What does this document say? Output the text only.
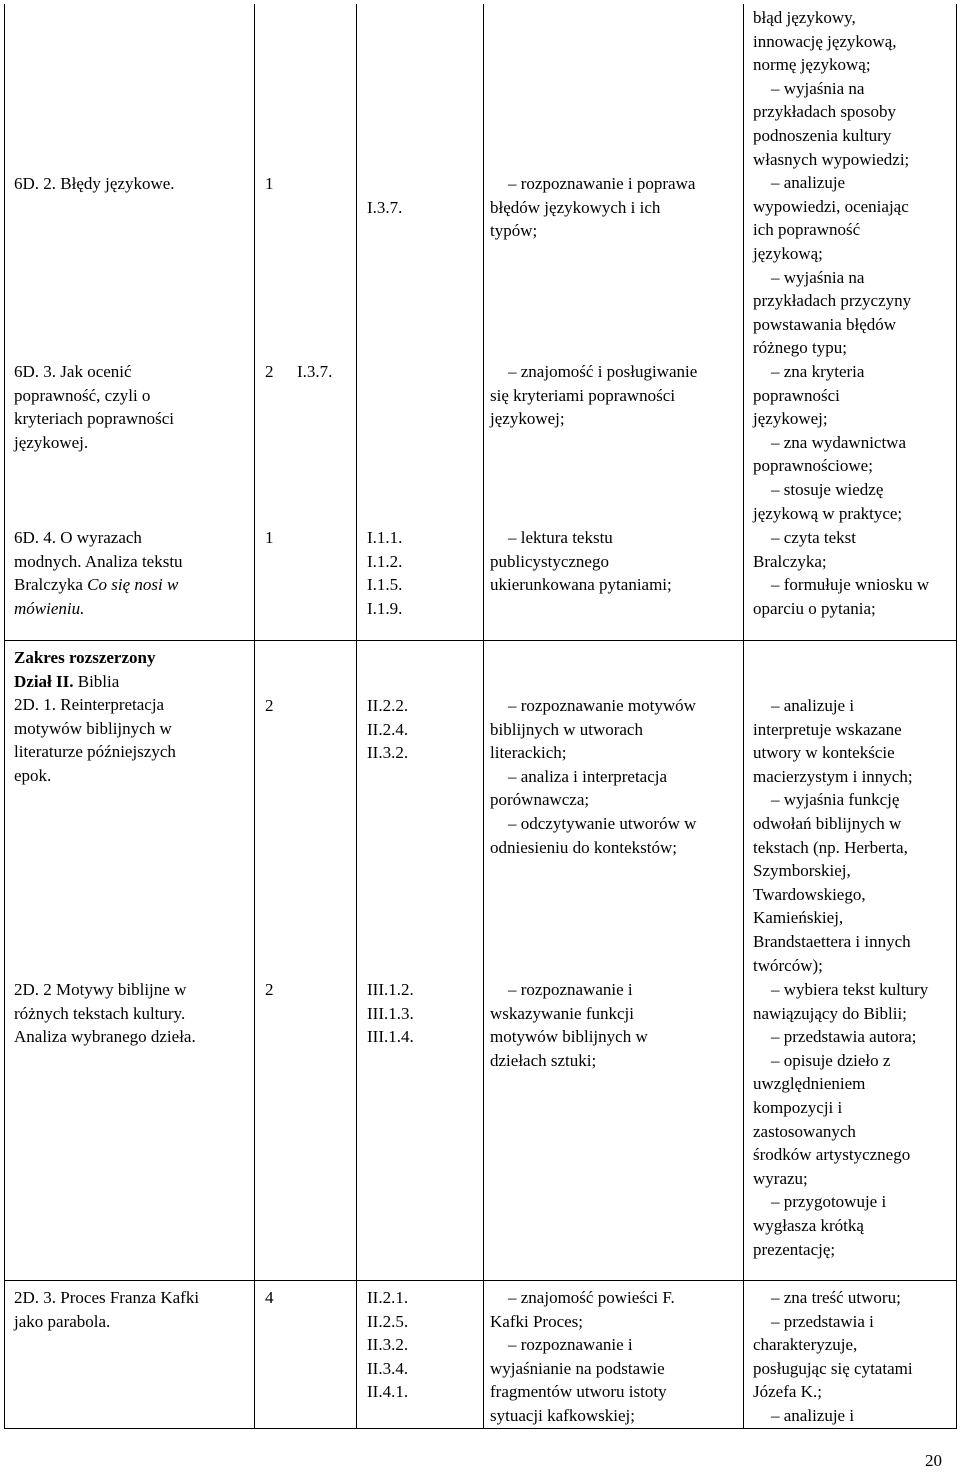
6D. 2. Błędy językowe.	1
I.3.7.
– rozpoznawanie i poprawa
błędów językowych i ich
typów;
błąd językowy,
innowację językową,
normę językową;
– wyjaśnia na
przykładach sposoby
podnoszenia kultury
własnych wypowiedzi;
– analizuje
wypowiedzi, oceniając
ich poprawność
językową;
– wyjaśnia na
przykładach przyczyny
powstawania błędów
różnego typu;
6D. 3. Jak ocenić
poprawność, czyli o
kryteriach poprawności
językowej.
2 I.3.7.
–	znajomość i posługiwanie
się kryteriami poprawności
językowej;
– zna kryteria
poprawności
językowej;
– zna wydawnictwa
poprawnościowe;
– stosuje wiedzę
językową w praktyce;
6D. 4. O wyrazach
modnych. Analiza tekstu
Bralczyka Co się nosi w
mówieniu.
1	I.1.1.
I.1.2.
I.1.5.
I.1.9.
– lektura tekstu
publicystycznego
ukierunkowana pytaniami;
– czyta tekst
Bralczyka;
– formułuje wniosku w
oparciu o pytania;
Zakres rozszerzony
Dział II. Biblia
2D. 1. Reinterpretacja
motywów biblijnych w
literaturze późniejszych
epok.
2	II.2.2.
II.2.4.
II.3.2.
– rozpoznawanie motywów
biblijnych w utworach
literackich;
– analiza i interpretacja
porównawcza;
– odczytywanie utworów w
odniesieniu do kontekstów;
– analizuje i
interpretuje wskazane
utwory w kontekście
macierzystym i innych;
– wyjaśnia funkcję
odwołań biblijnych w
tekstach (np. Herberta,
Szymborskiej,
Twardowskiego,
Kamieńskiej,
Brandstaettera i innych
twórców);
2D. 2 Motywy biblijne w
różnych tekstach kultury.
Analiza wybranego dzieła.
2	III.1.2.
III.1.3.
III.1.4.
– rozpoznawanie i
wskazywanie funkcji
motywów biblijnych w
dziełach sztuki;
– wybiera tekst kultury
nawiązujący do Biblii;
– przedstawia autora;
– opisuje dzieło z
uwzględnieniem
kompozycji i
zastosowanych
środków artystycznego
wyrazu;
– przygotowuje i
wygłasza krótką
prezentację;
2D. 3. Proces Franza Kafki
jako parabola.
4	II.2.1.
II.2.5.
II.3.2.
II.3.4.
II.4.1.
– znajomość powieści F.
Kafki Proces;
– rozpoznawanie i
wyjaśnianie na podstawie
fragmentów utworu istoty
sytuacji kafkowskiej;
– zna treść utworu;
– przedstawia i
charakteryzuje,
posługując się cytatami
Józefa K.;
– analizuje i
20
